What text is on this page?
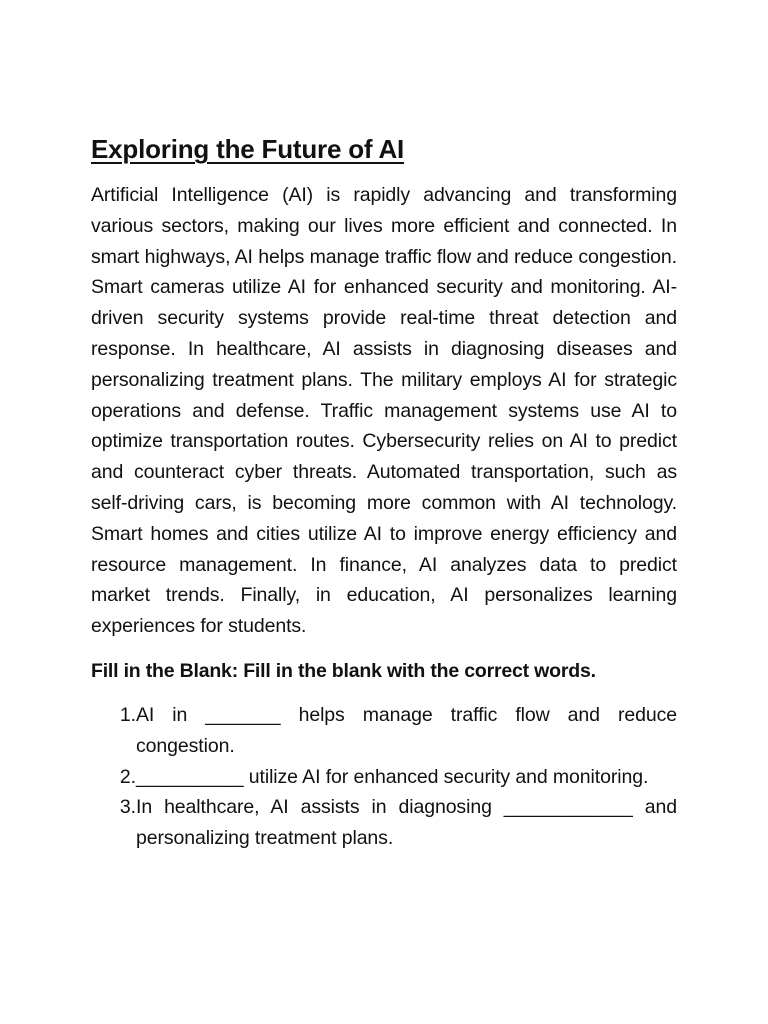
Exploring the Future of AI

Artificial Intelligence (AI) is rapidly advancing and transforming various sectors, making our lives more efficient and connected. In smart highways, AI helps manage traffic flow and reduce congestion. Smart cameras utilize AI for enhanced security and monitoring. AI-driven security systems provide real-time threat detection and response. In healthcare, AI assists in diagnosing diseases and personalizing treatment plans. The military employs AI for strategic operations and defense. Traffic management systems use AI to optimize transportation routes. Cybersecurity relies on AI to predict and counteract cyber threats. Automated transportation, such as self-driving cars, is becoming more common with AI technology. Smart homes and cities utilize AI to improve energy efficiency and resource management. In finance, AI analyzes data to predict market trends. Finally, in education, AI personalizes learning experiences for students.

Fill in the Blank: Fill in the blank with the correct words.

1. AI in _______ helps manage traffic flow and reduce congestion.
2. __________ utilize AI for enhanced security and monitoring.
3. In healthcare, AI assists in diagnosing ____________ and personalizing treatment plans.
